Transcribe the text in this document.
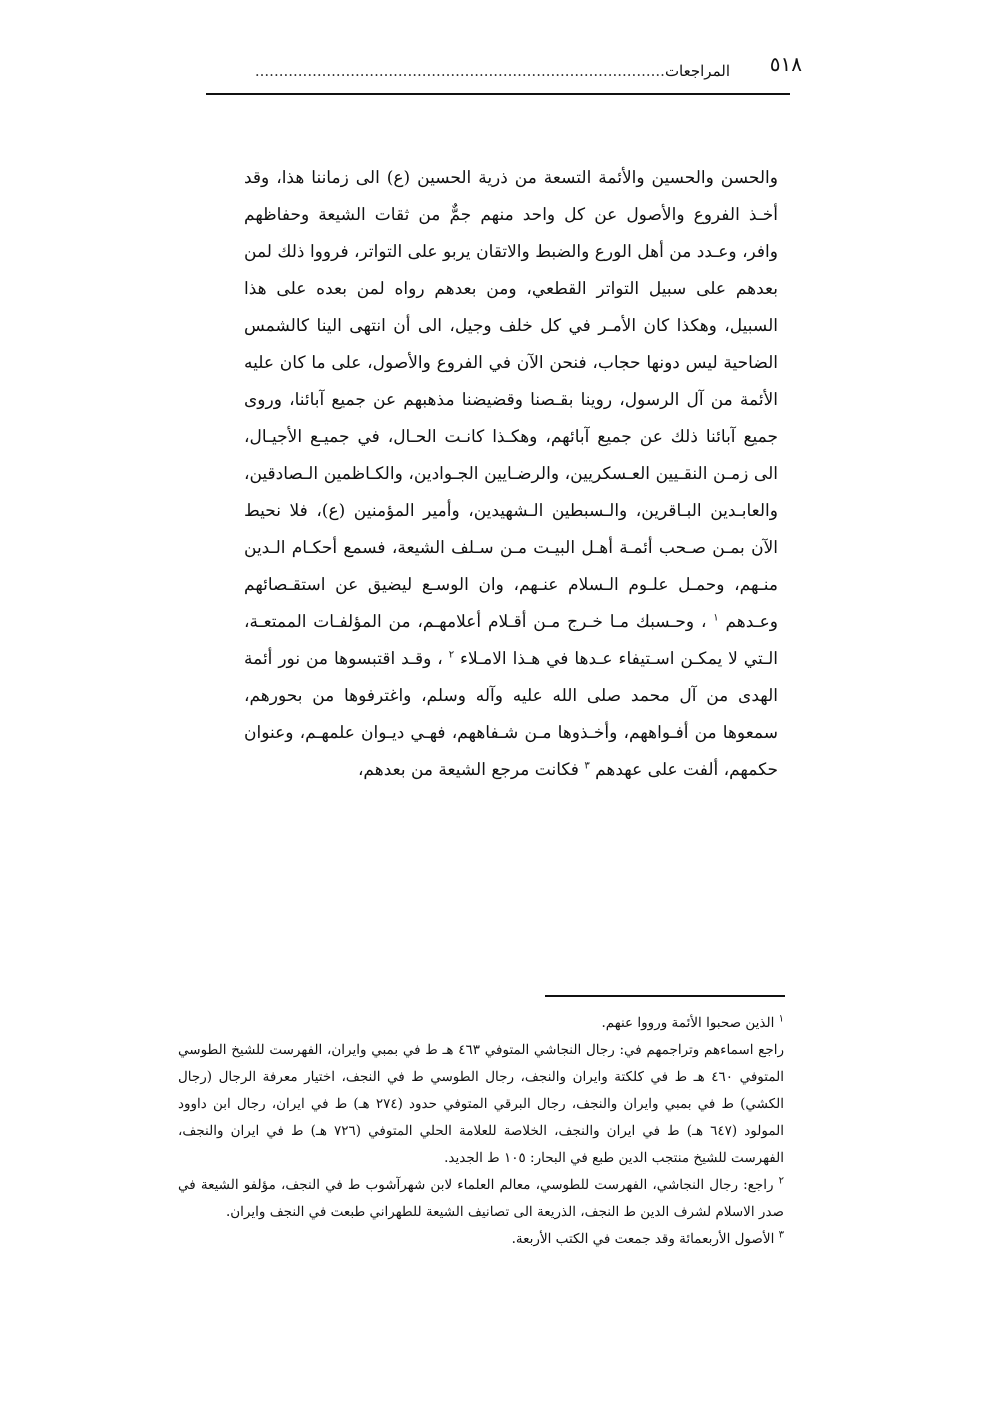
٥١٨
المراجعات......................................................................................
والحسن والحسين والأئمة التسعة من ذرية الحسين (ع) الى زماننا هذا، وقد أخـذ الفروع والأصول عن كل واحد منهم جمٌّ من ثقات الشيعة وحفاظهم وافر، وعـدد من أهل الورع والضبط والاتقان يربو على التواتر، فرووا ذلك لمن بعدهم على سبيل التواتر القطعي، ومن بعدهم رواه لمن بعده على هذا السبيل، وهكذا كان الأمـر في كل خلف وجيل، الى أن انتهى الينا كالشمس الضاحية ليس دونها حجاب، فنحن الآن في الفروع والأصول، على ما كان عليه الأئمة من آل الرسول، روينا بقـصنا وقضيضنا مذهبهم عن جميع آبائنا، وروى جميع آبائنا ذلك عن جميع آبائهم، وهكـذا كانـت الحـال، في جميـع الأجيـال، الى زمـن النقـيين العـسكريين، والرضـايين الجـوادين، والكـاظمين الـصادقين، والعابـدين البـاقرين، والـسبطين الـشهيدين، وأمير المؤمنين (ع)، فلا نحيط الآن بمـن صـحب أئمـة أهـل البيـت مـن سـلف الشيعة، فسمع أحكـام الـدين منـهم، وحمـل علـوم الـسلام عنـهم، وان الوسـع ليضيق عن استقـصائهم وعـدهم $^١$ ، وحـسبك مـا خـرج مـن أقـلام أعلامهـم، من المؤلفـات الممتعـة، الـتي لا يمكـن اسـتيفاء عـدها في هـذا الامـلاء $^٢$ ، وقـد اقتبسوها من نور أئمة الهدى من آل محمد صلى الله عليه وآله وسلم، واغترفوها من بحورهم، سمعوها من أفـواههم، وأخـذوها مـن شـفاههم، فهـي ديـوان علمهـم، وعنوان حكمهم، ألفت على عهدهم $^٣$ فكانت مرجع الشيعة من بعدهم،
$^١$ الذين صحبوا الأئمة ورووا عنهم.
راجع اسماءهم وتراجمهم في: رجال النجاشي المتوفي ٤٦٣ هـ ط في بمبي وايران، الفهرست للشيخ الطوسي المتوفي ٤٦٠ هـ ط في كلكتة وايران والنجف، رجال الطوسي ط في النجف، اختيار معرفة الرجال (رجال الكشي) ط في بمبي وايران والنجف، رجال البرقي المتوفي حدود (٢٧٤ هـ) ط في ايران، رجال ابن داوود المولود (٦٤٧ هـ) ط في ايران والنجف، الخلاصة للعلامة الحلي المتوفي (٧٢٦ هـ) ط في ايران والنجف، الفهرست للشيخ منتجب الدين طبع في البحار: ١٠٥ ط الجديد.
$^٢$ راجع: رجال النجاشي، الفهرست للطوسي، معالم العلماء لابن شهرآشوب ط في النجف، مؤلفو الشيعة في صدر الاسلام لشرف الدين ط النجف، الذريعة الى تصانيف الشيعة للطهراني طبعت في النجف وايران.
$^٣$ الأصول الأربعمائة وقد جمعت في الكتب الأربعة.
